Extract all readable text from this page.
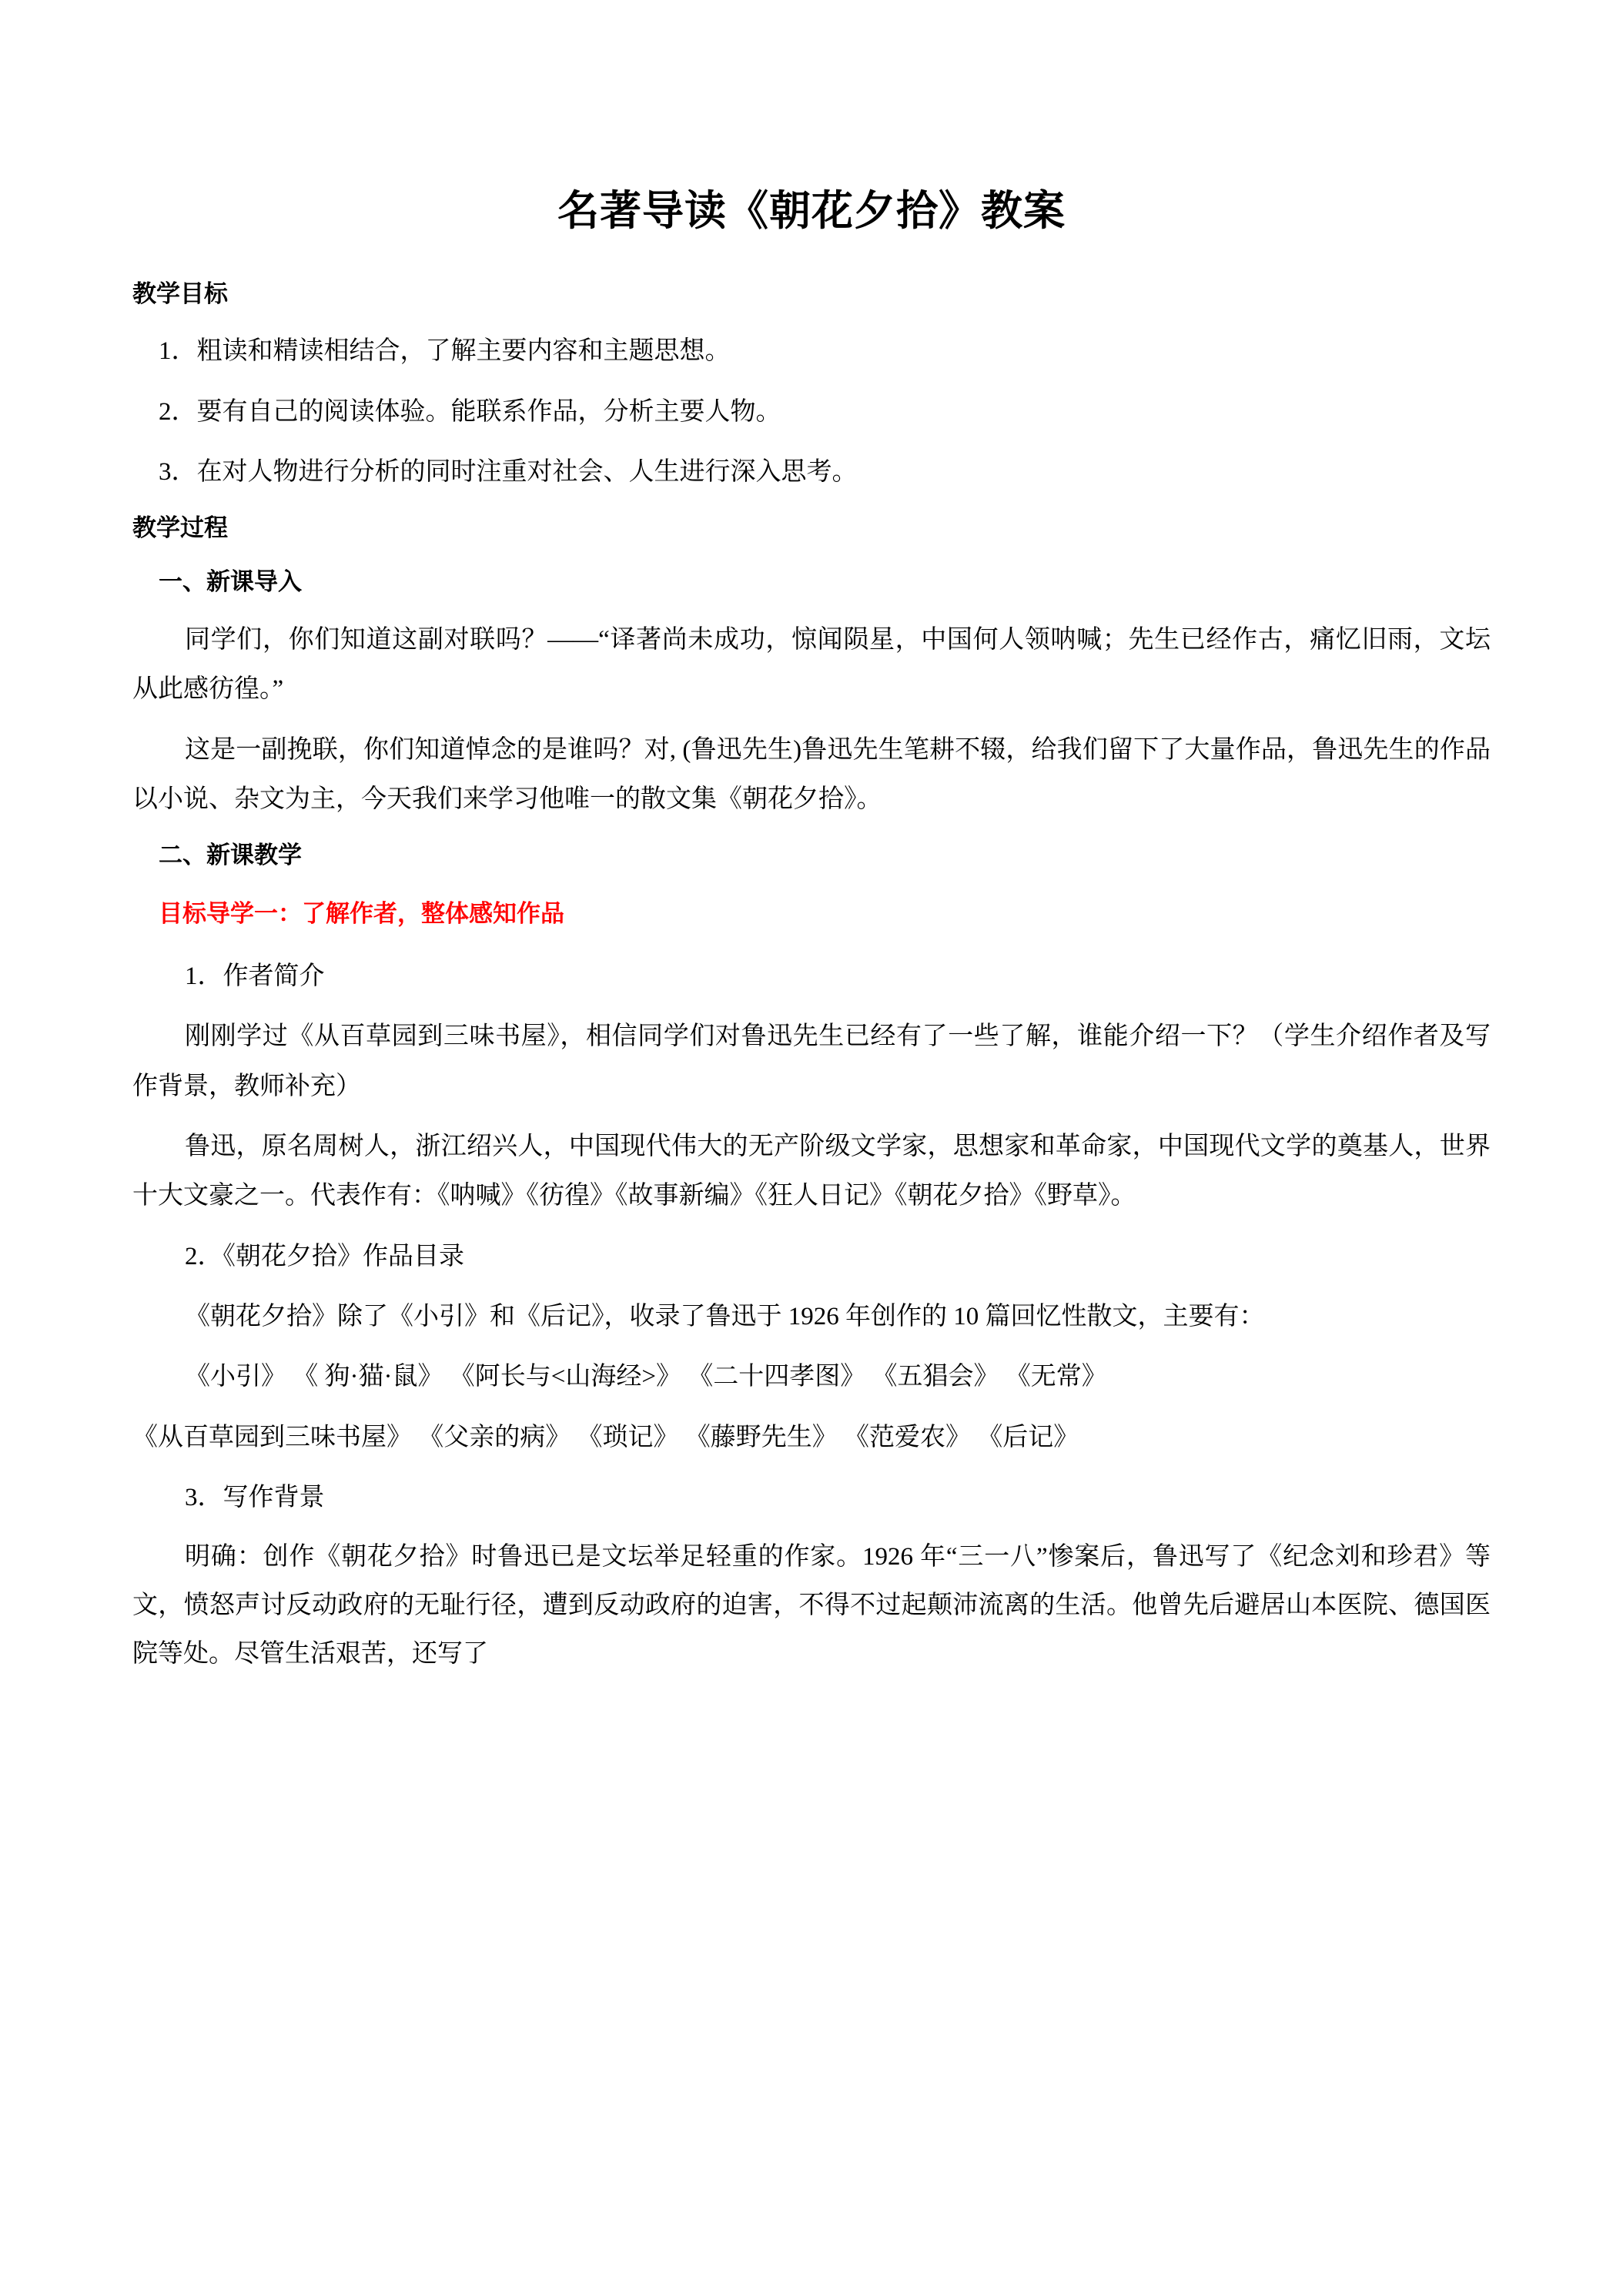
名著导读《朝花夕拾》教案
教学目标
1．粗读和精读相结合，了解主要内容和主题思想。
2．要有自己的阅读体验。能联系作品，分析主要人物。
3．在对人物进行分析的同时注重对社会、人生进行深入思考。
教学过程
一、新课导入

同学们，你们知道这副对联吗？——“译著尚未成功，惊闻陨星，中国何人领呐喊；先生已经作古，痛忆旧雨，文坛从此感彷徨。”

这是一副挽联，你们知道悼念的是谁吗？对, (鲁迅先生)鲁迅先生笔耕不辍，给我们留下了大量作品，鲁迅先生的作品以小说、杂文为主，今天我们来学习他唯一的散文集《朝花夕拾》。

二、新课教学
目标导学一：了解作者，整体感知作品
1．作者简介

刚刚学过《从百草园到三味书屋》，相信同学们对鲁迅先生已经有了一些了解，谁能介绍一下？（学生介绍作者及写作背景，教师补充）

鲁迅，原名周树人，浙江绍兴人，中国现代伟大的无产阶级文学家，思想家和革命家，中国现代文学的奠基人，世界十大文豪之一。代表作有：《呐喊》《彷徨》《故事新编》《狂人日记》《朝花夕拾》《野草》。

2．《朝花夕拾》作品目录

《朝花夕拾》除了《小引》和《后记》，收录了鲁迅于 1926 年创作的 10 篇回忆性散文，主要有：

《小引》 《 狗·猫·鼠》 《阿长与<山海经>》 《二十四孝图》 《五猖会》 《无常》
《从百草园到三味书屋》 《父亲的病》 《琐记》 《藤野先生》 《范爱农》 《后记》
3．写作背景

明确：创作《朝花夕拾》时鲁迅已是文坛举足轻重的作家。1926 年“三一八”惨案后，鲁迅写了《纪念刘和珍君》等文，愤怒声讨反动政府的无耻行径，遭到反动政府的迫害，不得不过起颠沛流离的生活。他曾先后避居山本医院、德国医院等处。尽管生活艰苦，还写了
